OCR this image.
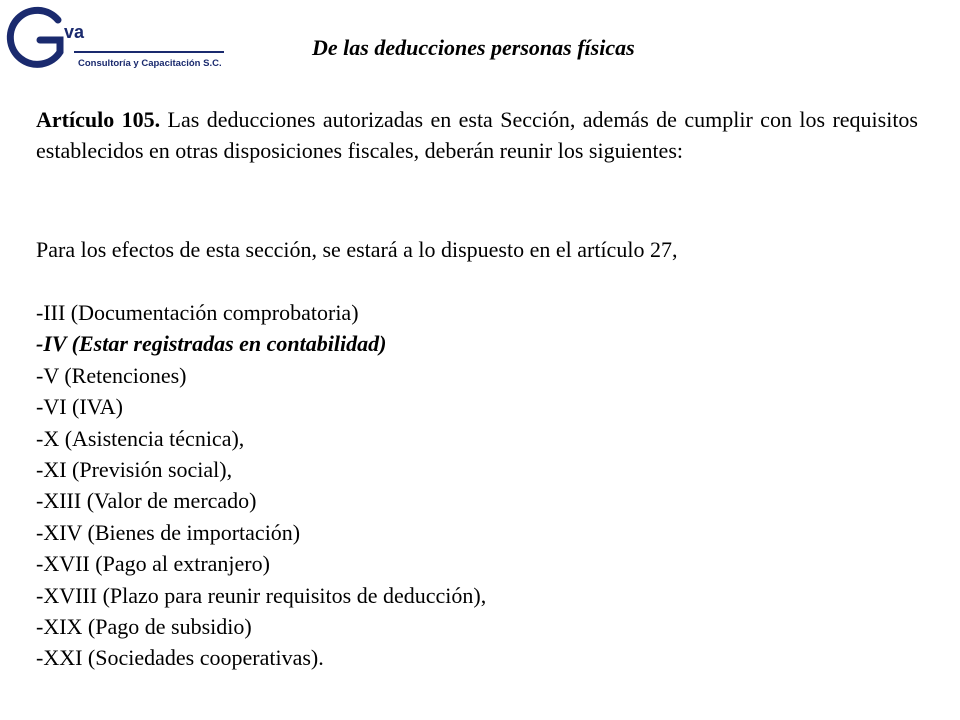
va
Consultoría y Capacitación S.C.
De las deducciones personas físicas

Artículo 105. Las deducciones autorizadas en esta Sección, además de cumplir con los requisitos establecidos en otras disposiciones fiscales, deberán reunir los siguientes:

Para los efectos de esta sección, se estará a lo dispuesto en el artículo 27,

-III (Documentación comprobatoria)
-IV (Estar registradas en contabilidad)
-V (Retenciones)
-VI (IVA)
-X (Asistencia técnica),
-XI (Previsión social),
-XIII (Valor de mercado)
-XIV (Bienes de importación)
-XVII (Pago al extranjero)
-XVIII (Plazo para reunir requisitos de deducción),
-XIX (Pago de subsidio)
-XXI (Sociedades cooperativas).
